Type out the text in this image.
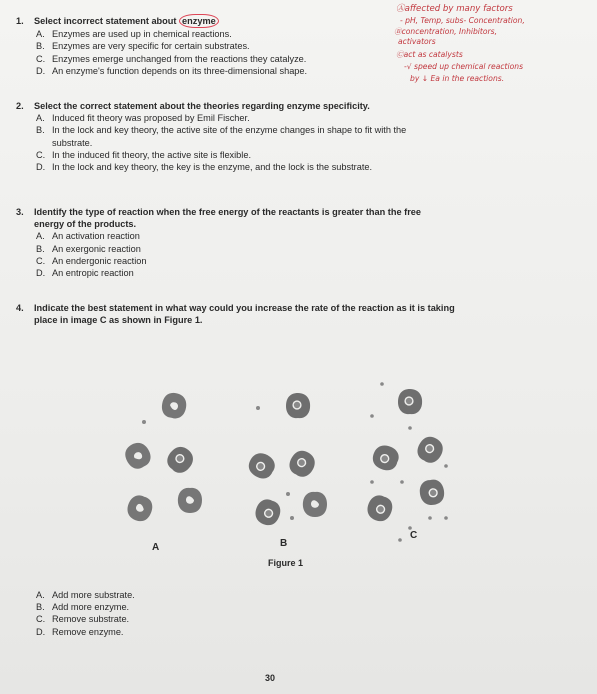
1. Select incorrect statement about enzyme
A. Enzymes are used up in chemical reactions.
B. Enzymes are very specific for certain substrates.
C. Enzymes emerge unchanged from the reactions they catalyze.
D. An enzyme's function depends on its three-dimensional shape.
Ⓐaffected by many factors
- pH, Temp, subs- Concentration,
Ⓑconcentration, Inhibitors,
activators
Ⓒact as catalysts
-√ speed up chemical reactions
by ↓ Ea in the reactions.
2. Select the correct statement about the theories regarding enzyme specificity.
A. Induced fit theory was proposed by Emil Fischer.
B. In the lock and key theory, the active site of the enzyme changes in shape to fit with the
substrate.
C. In the induced fit theory, the active site is flexible.
D. In the lock and key theory, the key is the enzyme, and the lock is the substrate.
3. Identify the type of reaction when the free energy of the reactants is greater than the free
energy of the products.
A. An activation reaction
B. An exergonic reaction
C. An endergonic reaction
D. An entropic reaction
4. Indicate the best statement in what way could you increase the rate of the reaction as it is taking
place in image C as shown in Figure 1.
A	B
C
Figure 1
A. Add more substrate.
B. Add more enzyme.
C. Remove substrate.
D. Remove enzyme.
30
